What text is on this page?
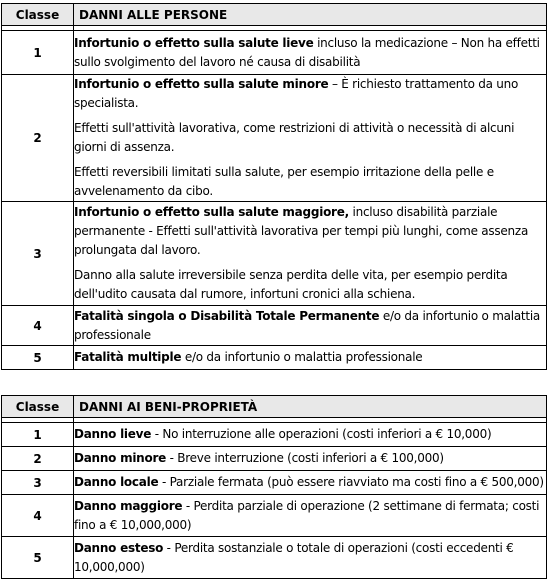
Classe	DANNI ALLE PERSONE

1	Infortunio o effetto sulla salute lieve incluso la medicazione – Non ha effetti sullo svolgimento del lavoro né causa di disabilità

2	Infortunio o effetto sulla salute minore – È richiesto trattamento da uno specialista.

Effetti sull'attività lavorativa, come restrizioni di attività o necessità di alcuni giorni di assenza.

Effetti reversibili limitati sulla salute, per esempio irritazione della pelle e avvelenamento da cibo.

3	Infortunio o effetto sulla salute maggiore, incluso disabilità parziale permanente - Effetti sull'attività lavorativa per tempi più lunghi, come assenza prolungata dal lavoro.

Danno alla salute irreversibile senza perdita delle vita, per esempio perdita dell'udito causata dal rumore, infortuni cronici alla schiena.

4	Fatalità singola o Disabilità Totale Permanente e/o da infortunio o malattia professionale

5	Fatalità multiple e/o da infortunio o malattia professionale

Classe	DANNI AI BENI-PROPRIETÀ

1	Danno lieve - No interruzione alle operazioni (costi inferiori a € 10,000)
2	Danno minore - Breve interruzione (costi inferiori a € 100,000)
3	Danno locale - Parziale fermata (può essere riavviato ma costi fino a € 500,000)
4	Danno maggiore - Perdita parziale di operazione (2 settimane di fermata; costi fino a € 10,000,000)
5	Danno esteso - Perdita sostanziale o totale di operazioni (costi eccedenti € 10,000,000)
